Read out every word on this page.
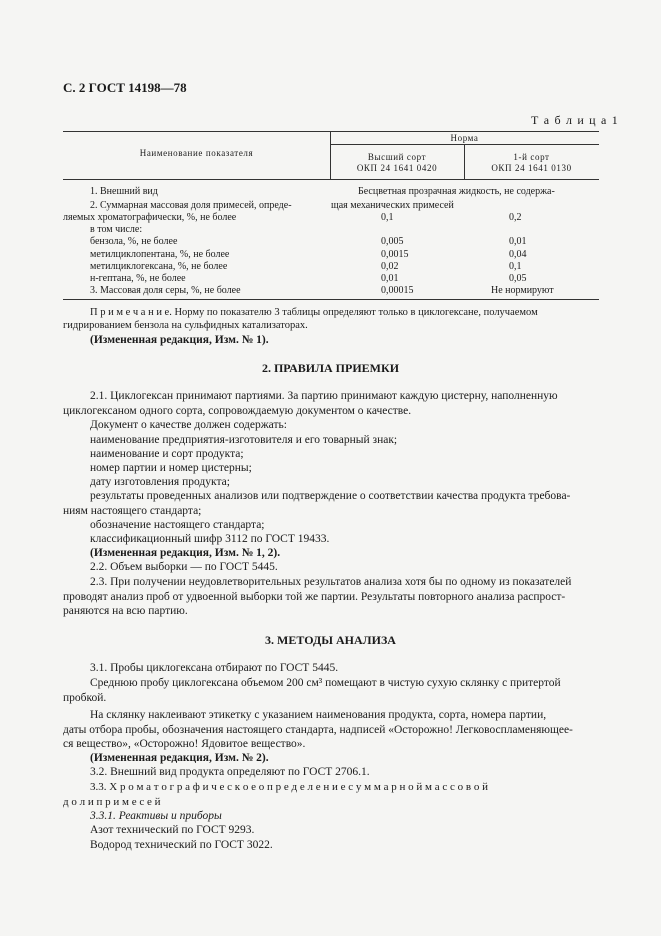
С. 2 ГОСТ 14198—78
Т а б л и ц а 1
Наименование показателя
Норма
Высший сорт
ОКП 24 1641 0420
1-й сорт
ОКП 24 1641 0130
1. Внешний вид	Бесцветная прозрачная жидкость, не содержа-
2. Суммарная массовая доля примесей, опреде-	щая механических примесей
ляемых хроматографически, %, не более	0,1	0,2
в том числе:
бензола, %, не более	0,005	0,01
метилциклопентана, %, не более	0,0015	0,04
метилциклогексана, %, не более	0,02	0,1
н-гептана, %, не более	0,01	0,05
3. Массовая доля серы, %, не более	0,00015	Не нормируют
П р и м е ч а н и е. Норму по показателю 3 таблицы определяют только в циклогексане, получаемом
гидрированием бензола на сульфидных катализаторах.
(Измененная редакция, Изм. № 1).
2. ПРАВИЛА ПРИЕМКИ
2.1. Циклогексан принимают партиями. За партию принимают каждую цистерну, наполненную
циклогексаном одного сорта, сопровождаемую документом о качестве.
Документ о качестве должен содержать:
наименование предприятия-изготовителя и его товарный знак;
наименование и сорт продукта;
номер партии и номер цистерны;
дату изготовления продукта;
результаты проведенных анализов или подтверждение о соответствии качества продукта требова-
ниям настоящего стандарта;
обозначение настоящего стандарта;
классификационный шифр 3112 по ГОСТ 19433.
(Измененная редакция, Изм. № 1, 2).
2.2. Объем выборки — по ГОСТ 5445.
2.3. При получении неудовлетворительных результатов анализа хотя бы по одному из показателей
проводят анализ проб от удвоенной выборки той же партии. Результаты повторного анализа распрост-
раняются на всю партию.
3. МЕТОДЫ АНАЛИЗА
3.1. Пробы циклогексана отбирают по ГОСТ 5445.
Среднюю пробу циклогексана объемом 200 см³ помещают в чистую сухую склянку с притертой
пробкой.
На склянку наклеивают этикетку с указанием наименования продукта, сорта, номера партии,
даты отбора пробы, обозначения настоящего стандарта, надписей «Осторожно! Легковоспламеняющее-
ся вещество», «Осторожно! Ядовитое вещество».
(Измененная редакция, Изм. № 2).
3.2. Внешний вид продукта определяют по ГОСТ 2706.1.
3.3. Х р о м а т о г р а ф и ч е с к о е о п р е д е л е н и е с у м м а р н о й м а с с о в о й
д о л и п р и м е с е й
3.3.1. Реактивы и приборы
Азот технический по ГОСТ 9293.
Водород технический по ГОСТ 3022.
